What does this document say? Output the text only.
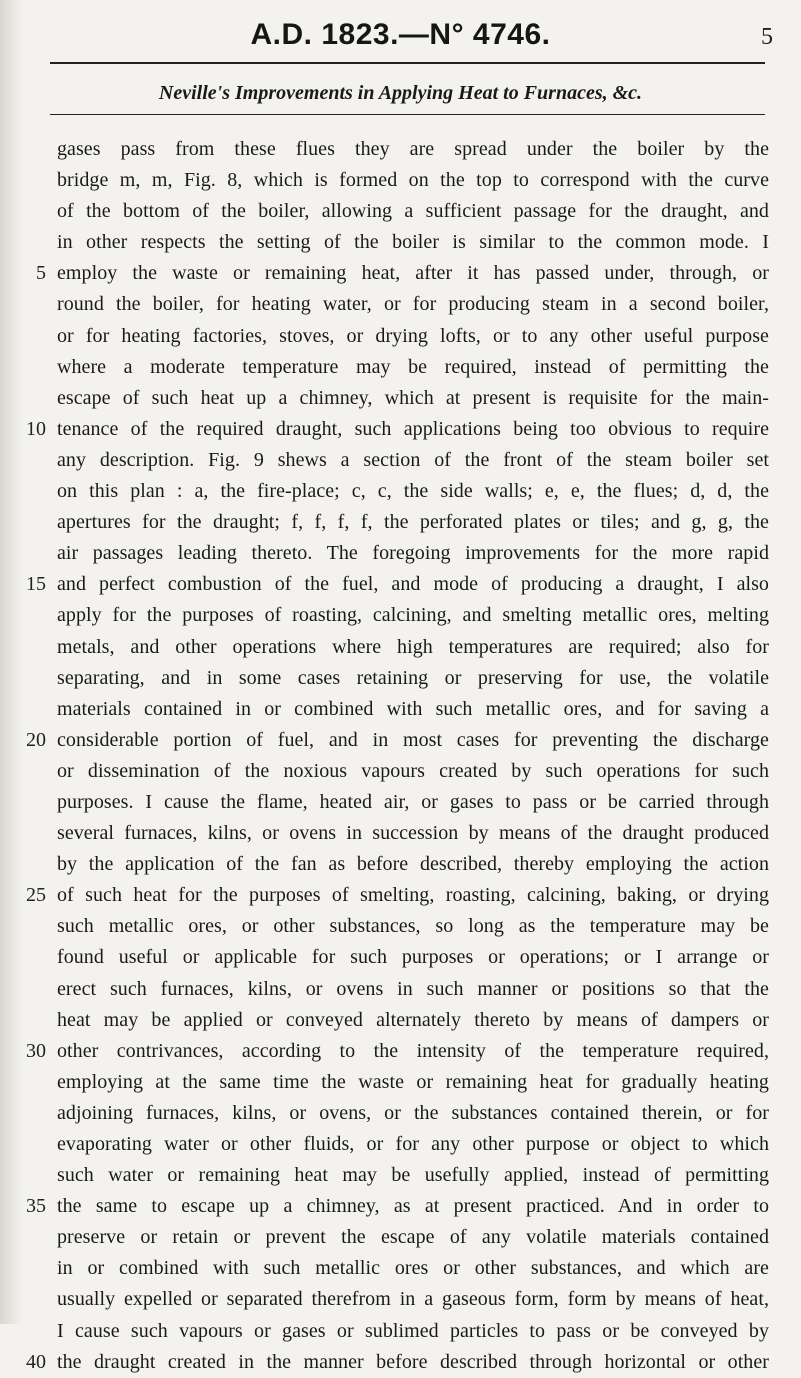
A.D. 1823.—N° 4746.	5
Neville's Improvements in Applying Heat to Furnaces, &c.
gases pass from these flues they are spread under the boiler by the
bridge m, m, Fig. 8, which is formed on the top to correspond with the curve
of the bottom of the boiler, allowing a sufficient passage for the draught, and
in other respects the setting of the boiler is similar to the common mode. I
5 employ the waste or remaining heat, after it has passed under, through, or
round the boiler, for heating water, or for producing steam in a second boiler,
or for heating factories, stoves, or drying lofts, or to any other useful purpose
where a moderate temperature may be required, instead of permitting the
escape of such heat up a chimney, which at present is requisite for the main-
10 tenance of the required draught, such applications being too obvious to require
any description. Fig. 9 shews a section of the front of the steam boiler set
on this plan : a, the fire-place; c, c, the side walls; e, e, the flues; d, d, the
apertures for the draught; f, f, f, f, the perforated plates or tiles; and g, g, the
air passages leading thereto. The foregoing improvements for the more rapid
15 and perfect combustion of the fuel, and mode of producing a draught, I also
apply for the purposes of roasting, calcining, and smelting metallic ores, melting
metals, and other operations where high temperatures are required; also for
separating, and in some cases retaining or preserving for use, the volatile
materials contained in or combined with such metallic ores, and for saving a
20 considerable portion of fuel, and in most cases for preventing the discharge
or dissemination of the noxious vapours created by such operations for such
purposes. I cause the flame, heated air, or gases to pass or be carried through
several furnaces, kilns, or ovens in succession by means of the draught produced
by the application of the fan as before described, thereby employing the action
25 of such heat for the purposes of smelting, roasting, calcining, baking, or drying
such metallic ores, or other substances, so long as the temperature may be
found useful or applicable for such purposes or operations; or I arrange or
erect such furnaces, kilns, or ovens in such manner or positions so that the
heat may be applied or conveyed alternately thereto by means of dampers or
30 other contrivances, according to the intensity of the temperature required,
employing at the same time the waste or remaining heat for gradually heating
adjoining furnaces, kilns, or ovens, or the substances contained therein, or for
evaporating water or other fluids, or for any other purpose or object to which
such water or remaining heat may be usefully applied, instead of permitting
35 the same to escape up a chimney, as at present practiced. And in order to
preserve or retain or prevent the escape of any volatile materials contained
in or combined with such metallic ores or other substances, and which are
usually expelled or separated therefrom in a gaseous form, form by means of heat,
I cause such vapours or gases or sublimed particles to pass or be conveyed by
40 the draught created in the manner before described through horizontal or other
